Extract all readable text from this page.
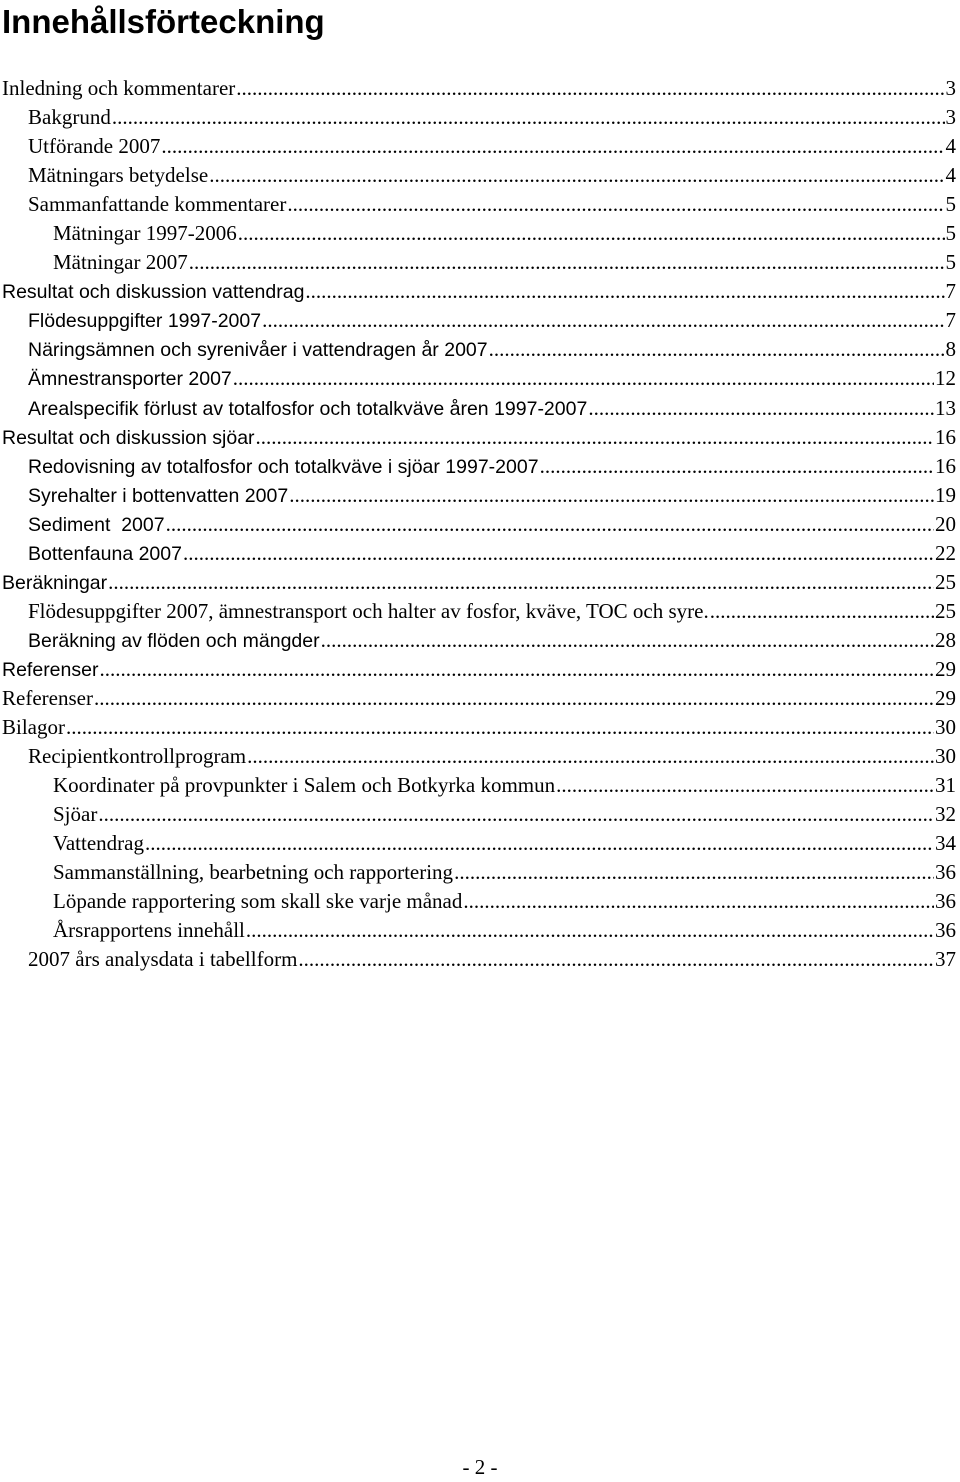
Innehållsförteckning
Inledning och kommentarer .....	3
Bakgrund .....	3
Utförande 2007 .....	4
Mätningars betydelse .....	4
Sammanfattande kommentarer .....	5
Mätningar 1997-2006 .....	5
Mätningar 2007 .....	5
Resultat och diskussion vattendrag .....	7
Flödesuppgifter 1997-2007 .....	7
Näringsämnen och syrenivåer i vattendragen år 2007 .....	8
Ämnestransporter 2007 .....	12
Arealspecifik förlust av totalfosfor och totalkväve åren 1997-2007 .....	13
Resultat och diskussion sjöar .....	16
Redovisning av totalfosfor och totalkväve i sjöar 1997-2007 .....	16
Syrehalter i bottenvatten 2007 .....	19
Sediment  2007 .....	20
Bottenfauna 2007 .....	22
Beräkningar .....	25
Flödesuppgifter 2007, ämnestransport och halter av fosfor, kväve, TOC och syre. .....	25
Beräkning av flöden och mängder .....	28
Referenser .....	29
Referenser .....	29
Bilagor .....	30
Recipientkontrollprogram .....	30
Koordinater på provpunkter i Salem och Botkyrka kommun .....	31
Sjöar .....	32
Vattendrag .....	34
Sammanställning, bearbetning och rapportering .....	36
Löpande rapportering som skall ske varje månad .....	36
Årsrapportens innehåll .....	36
2007 års analysdata i tabellform .....	37
- 2 -
